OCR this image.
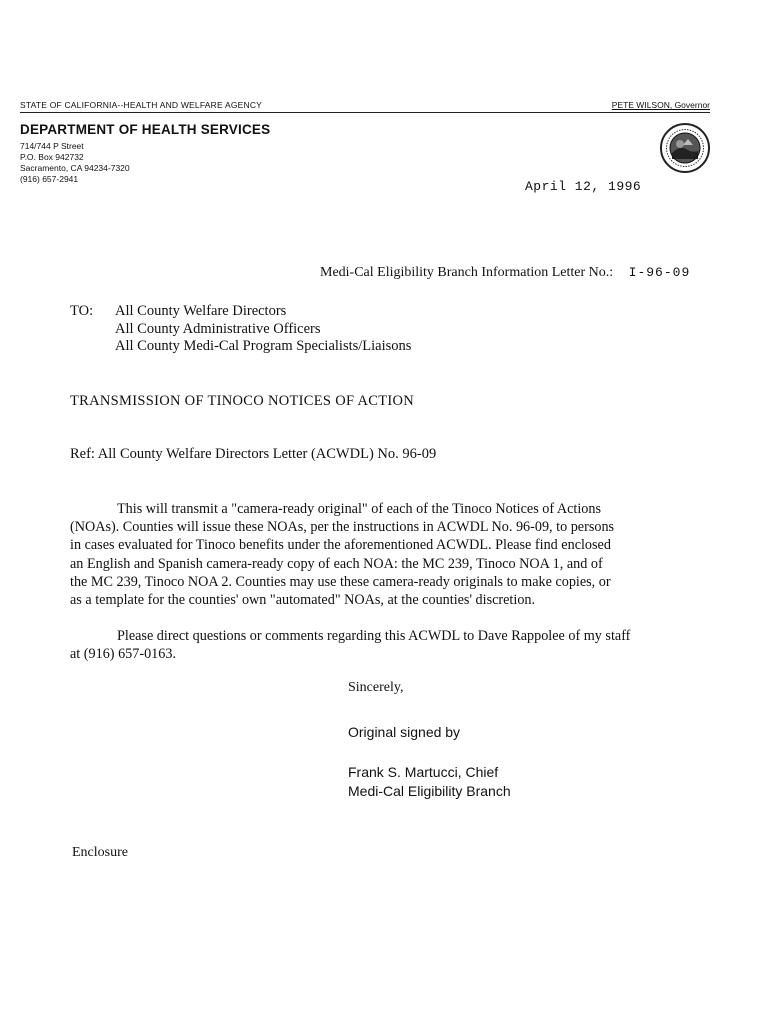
STATE OF CALIFORNIA--HEALTH AND WELFARE AGENCY	PETE WILSON, Governor
DEPARTMENT OF HEALTH SERVICES
714/744 P Street
P.O. Box 942732
Sacramento, CA 94234-7320
(916) 657-2941	April 12, 1996
Medi-Cal Eligibility Branch Information Letter No.: I-96-09
TO: All County Welfare Directors
All County Administrative Officers
All County Medi-Cal Program Specialists/Liaisons
TRANSMISSION OF TINOCO NOTICES OF ACTION
Ref: All County Welfare Directors Letter (ACWDL) No. 96-09
This will transmit a "camera-ready original" of each of the Tinoco Notices of Actions
(NOAs). Counties will issue these NOAs, per the instructions in ACWDL No. 96-09, to persons
in cases evaluated for Tinoco benefits under the aforementioned ACWDL. Please find enclosed
an English and Spanish camera-ready copy of each NOA: the MC 239, Tinoco NOA 1, and of
the MC 239, Tinoco NOA 2. Counties may use these camera-ready originals to make copies, or
as a template for the counties' own "automated" NOAs, at the counties' discretion.
Please direct questions or comments regarding this ACWDL to Dave Rappolee of my staff
at (916) 657-0163.
Sincerely,
Original signed by
Frank S. Martucci, Chief
Medi-Cal Eligibility Branch
Enclosure
